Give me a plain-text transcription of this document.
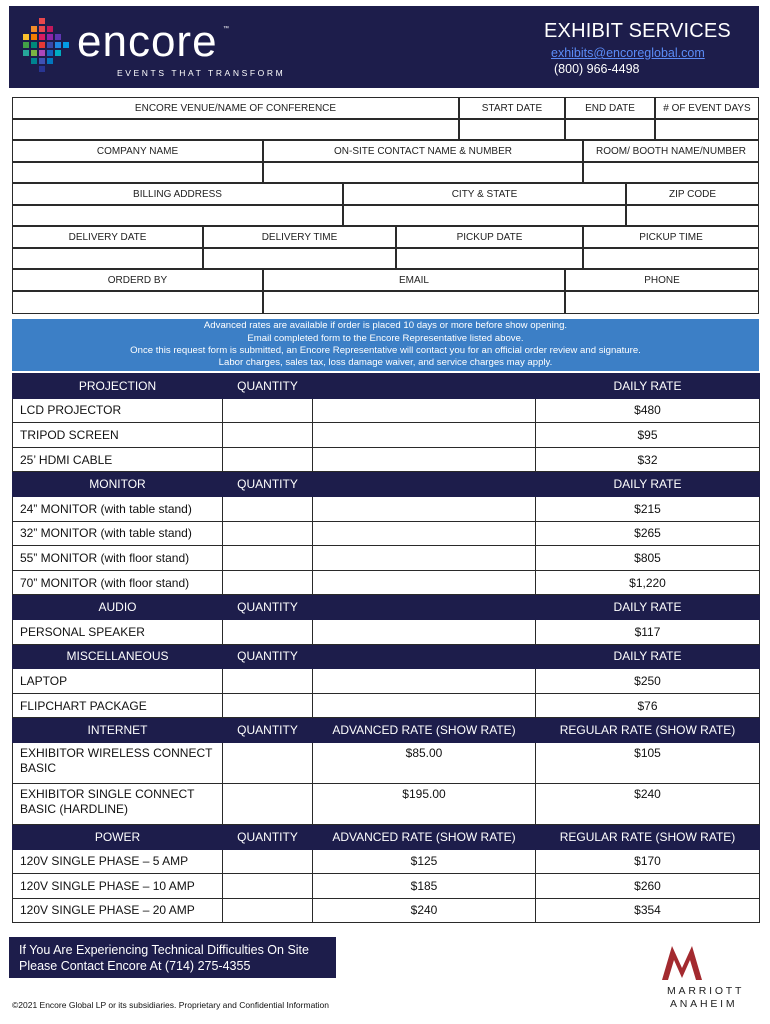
encore ™
EVENTS THAT TRANSFORM
EXHIBIT SERVICES
exhibits@encoreglobal.com
(800) 966-4498
ENCORE VENUE/NAME OF CONFERENCE	START DATE	END DATE	# OF EVENT DAYS
COMPANY NAME	ON-SITE CONTACT NAME & NUMBER	ROOM/ BOOTH NAME/NUMBER
BILLING ADDRESS	CITY & STATE	ZIP CODE
DELIVERY DATE	DELIVERY TIME	PICKUP DATE	PICKUP TIME
ORDERD BY	EMAIL	PHONE
Advanced rates are available if order is placed 10 days or more before show opening.
Email completed form to the Encore Representative listed above.
Once this request form is submitted, an Encore Representative will contact you for an official order review and signature.
Labor charges, sales tax, loss damage waiver, and service charges may apply.
PROJECTION	QUANTITY		DAILY RATE
LCD PROJECTOR			$480
TRIPOD SCREEN			$95
25’ HDMI CABLE			$32
MONITOR	QUANTITY		DAILY RATE
24” MONITOR (with table stand)			$215
32” MONITOR (with table stand)			$265
55” MONITOR (with floor stand)			$805
70” MONITOR (with floor stand)			$1,220
AUDIO	QUANTITY		DAILY RATE
PERSONAL SPEAKER			$117
MISCELLANEOUS	QUANTITY		DAILY RATE
LAPTOP			$250
FLIPCHART PACKAGE			$76
INTERNET	QUANTITY	ADVANCED RATE (SHOW RATE)	REGULAR RATE (SHOW RATE)
EXHIBITOR WIRELESS CONNECT BASIC		$85.00	$105
EXHIBITOR SINGLE CONNECT BASIC (HARDLINE)		$195.00	$240
POWER	QUANTITY	ADVANCED RATE (SHOW RATE)	REGULAR RATE (SHOW RATE)
120V SINGLE PHASE – 5 AMP		$125	$170
120V SINGLE PHASE – 10 AMP		$185	$260
120V SINGLE PHASE – 20 AMP		$240	$354
If You Are Experiencing Technical Difficulties On Site
Please Contact Encore At (714) 275-4355
MARRIOTT
ANAHEIM
©2021 Encore Global LP or its subsidiaries. Proprietary and Confidential Information
